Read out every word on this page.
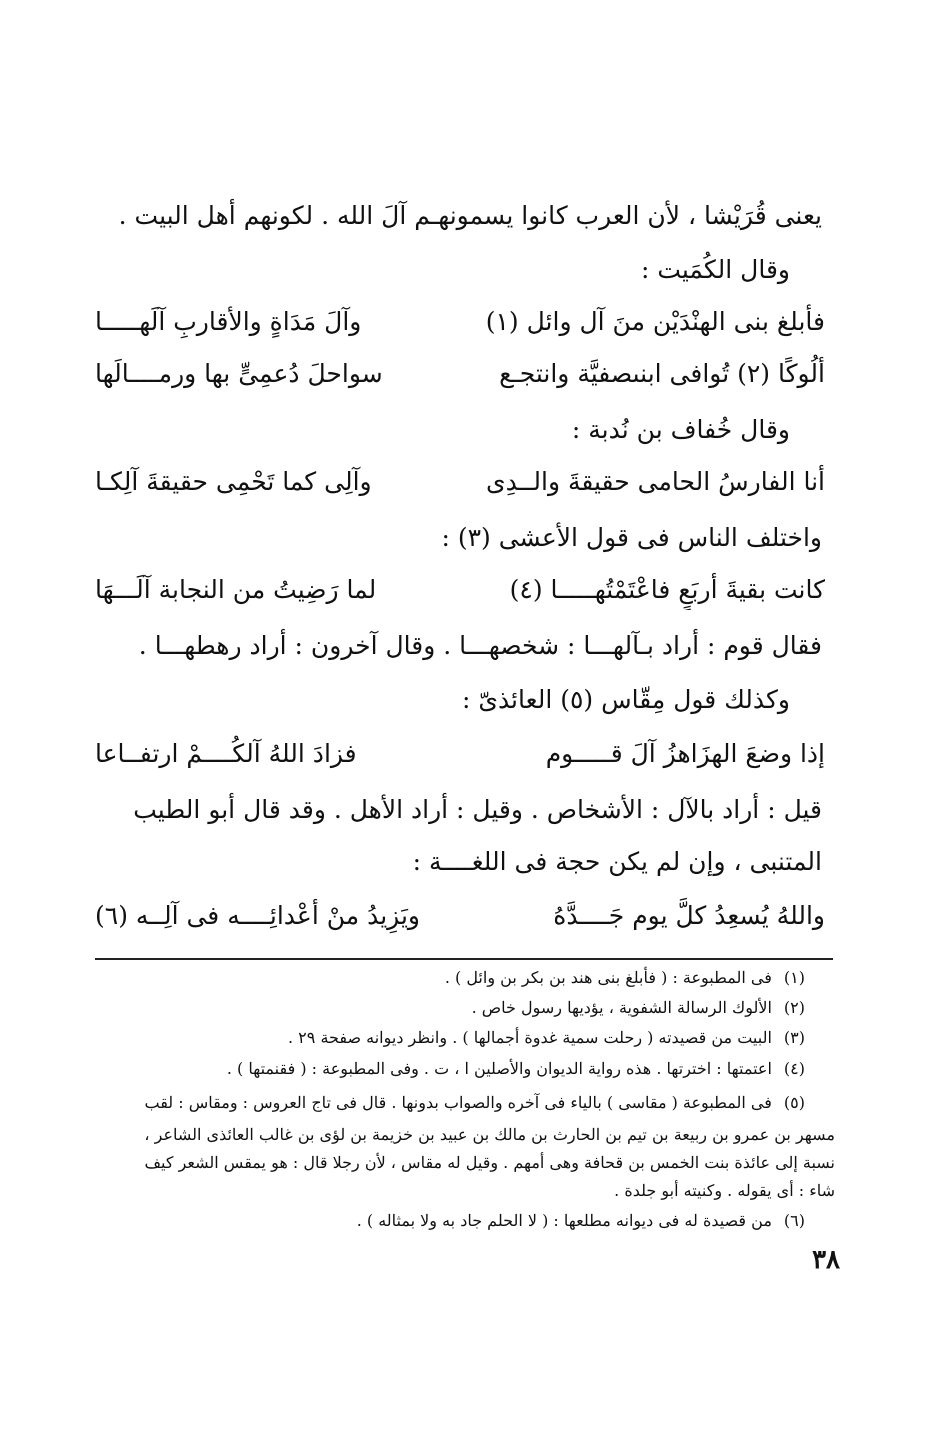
يعنى قُرَيْشا ، لأن العرب كانوا يسمونهـم آلَ الله . لكونهم أهل البيت .
وقال الكُمَيت :
فأبلغ بنى الهنْدَيْن منَ آل وائل (١)
وآلَ مَدَاةٍ والأقاربِ آلَهـــــا
ألُوكًا (٢) تُوافى ابنىصفيَّة وانتجـع
سواحلَ دُعمِىٍّ بها ورمــــالَها
وقال خُفاف بن نُدبة :
أنا الفارسُ الحامى حقيقةَ والــدِى
وآلِى كما تَحْمِى حقيقةَ آلِكـا
واختلف الناس فى قول الأعشى (٣) :
كانت بقيةَ أربَعٍ فاعْتَمْتُهـــــا (٤)
لما رَضِيتُ من النجابة آلَـــهَا
فقال قوم : أراد بـآلهـــا : شخصهـــا . وقال آخرون : أراد رهطهـــا .
وكذلك قول مِقّاس (٥) العائذىّ :
إذا وضعَ الهزَاهزُ آلَ قـــــوم
فزادَ اللهُ آلكُــــمْ ارتفــاعا
قيل : أراد بالآل : الأشخاص . وقيل : أراد الأهل . وقد قال أبو الطيب
المتنبى ، وإن لم يكن حجة فى اللغــــة :
واللهُ يُسعِدُ كلَّ يوم جَــــدَّهُ
ويَزِيدُ منْ أعْدائِــــه فى آلِــه (٦)
(١)فى المطبوعة : ( فأبلغ بنى هند بن بكر بن وائل ) .
(٢)الألوك الرسالة الشفوية ، يؤديها رسول خاص .
(٣)البيت من قصيدته ( رحلت سمية غدوة أجمالها ) . وانظر ديوانه صفحة ٢٩ .
(٤)اعتمتها : اخترتها . هذه رواية الديوان والأصلين ا ، ت . وفى المطبوعة : ( فقنمتها ) .
(٥)فى المطبوعة ( مقاسى ) بالياء فى آخره والصواب بدونها . قال فى تاج العروس : ومقاس : لقب
مسهر بن عمرو بن ربيعة بن تيم بن الحارث بن مالك بن عبيد بن خزيمة بن لؤى بن غالب العائذى الشاعر ،
نسبة إلى عائذة بنت الخمس بن قحافة وهى أمهم . وقيل له مقاس ، لأن رجلا قال : هو يمقس الشعر كيف
شاء : أى يقوله . وكنيته أبو جلدة .
(٦)من قصيدة له فى ديوانه مطلعها : ( لا الحلم جاد به ولا بمثاله ) .
٣٨
